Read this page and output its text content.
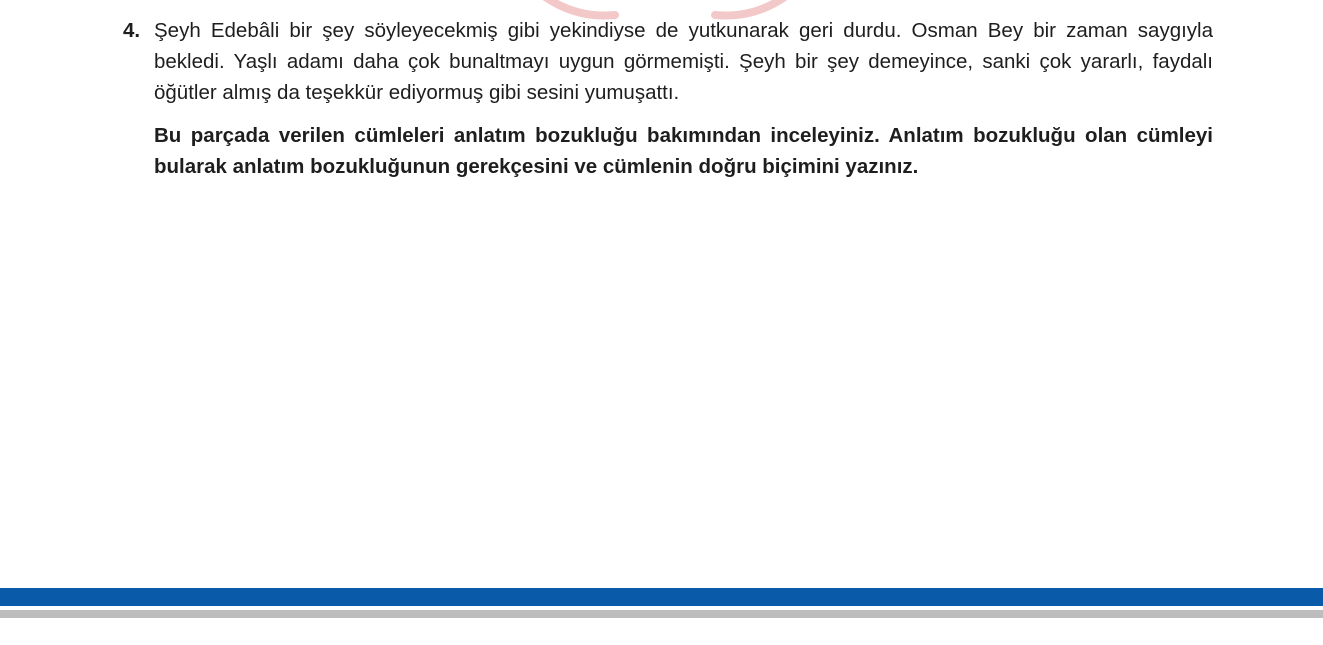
4. Şeyh Edebâli bir şey söyleyecekmiş gibi yekindiyse de yutkunarak geri durdu. Osman Bey bir zaman saygıyla bekledi. Yaşlı adamı daha çok bunaltmayı uygun görmemişti. Şeyh bir şey demeyince, sanki çok yararlı, faydalı öğütler almış da teşekkür ediyormuş gibi sesini yumuşattı.

Bu parçada verilen cümleleri anlatım bozukluğu bakımından inceleyiniz. Anlatım bozukluğu olan cümleyi bularak anlatım bozukluğunun gerekçesini ve cümlenin doğru biçimini yazınız.
